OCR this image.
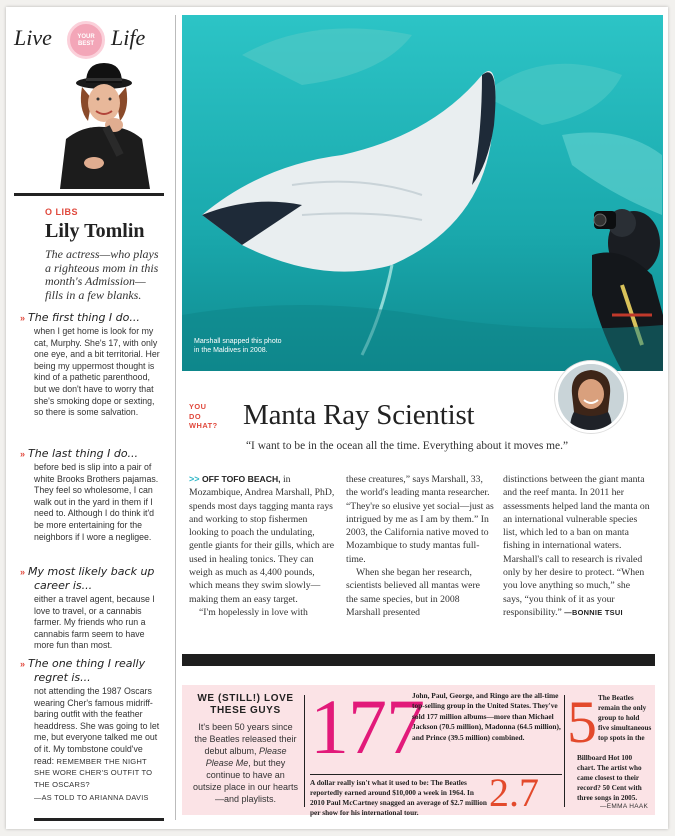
Live	YOUR
BEST Life
O LIBS
Lily Tomlin
The actress—who plays a righteous mom in this month's Admission—fills in a few blanks.
» The first thing I do...
when I get home is look for my cat, Murphy. She's 17, with only one eye, and a bit territorial. Her being my uppermost thought is kind of a pathetic parenthood, but we don't have to worry that she's smoking dope or sexting, so there is some salvation.
» The last thing I do...
before bed is slip into a pair of white Brooks Brothers pajamas. They feel so wholesome, I can walk out in the yard in them if I need to. Although I do think it'd be more entertaining for the neighbors if I wore a negligee.
» My most likely back up career is...
either a travel agent, because I love to travel, or a cannabis farmer. My friends who run a cannabis farm seem to have more fun than most.
» The one thing I really regret is...
not attending the 1987 Oscars wearing Cher's famous midriff-baring outfit with the feather headdress. She was going to let me, but everyone talked me out of it. My tombstone could've read: REMEMBER THE NIGHT SHE WORE CHER'S OUTFIT TO THE OSCARS?
—AS TOLD TO ARIANNA DAVIS
Marshall snapped this photo in the Maldives in 2008.
YOU
DO
WHAT? Manta Ray Scientist
“I want to be in the ocean all the time. Everything about it moves me.”

>> OFF TOFO BEACH, in Mozambique, Andrea Marshall, PhD, spends most days tagging manta rays and working to stop fishermen looking to poach the undulating, gentle giants for their gills, which are used in healing tonics. They can weigh as much as 4,400 pounds, which means they swim slowly—making them an easy target.

“I'm hopelessly in love with

these creatures,” says Marshall, 33, the world's leading manta researcher. “They're so elusive yet social—just as intrigued by me as I am by them.” In 2003, the California native moved to Mozambique to study mantas full-time.

When she began her research, scientists believed all mantas were the same species, but in 2008 Marshall presented

distinctions between the giant manta and the reef manta. In 2011 her assessments helped land the manta on an international vulnerable species list, which led to a ban on manta fishing in international waters. Marshall's call to research is rivaled only by her desire to protect. “When you love anything so much,” she says, “you think of it as your responsibility.” —BONNIE TSUI

WE (STILL!) LOVE THESE GUYS
It's been 50 years since the Beatles released their debut album, Please Please Me, but they continue to have an outsize place in our hearts—and playlists.
177
John, Paul, George, and Ringo are the all-time top-selling group in the United States. They've sold 177 million albums—more than Michael Jackson (70.5 million), Madonna (64.5 million), and Prince (39.5 million) combined.
A dollar really isn't what it used to be: The Beatles reportedly earned around $10,000 a week in 1964. In 2010 Paul McCartney snagged an average of $2.7 million per show for his international tour.	2.7
5 The Beatles remain the only group to hold five simultaneous top spots in the
Billboard Hot 100 chart. The artist who came closest to their record? 50 Cent with three songs in 2005.
—EMMA HAAK
